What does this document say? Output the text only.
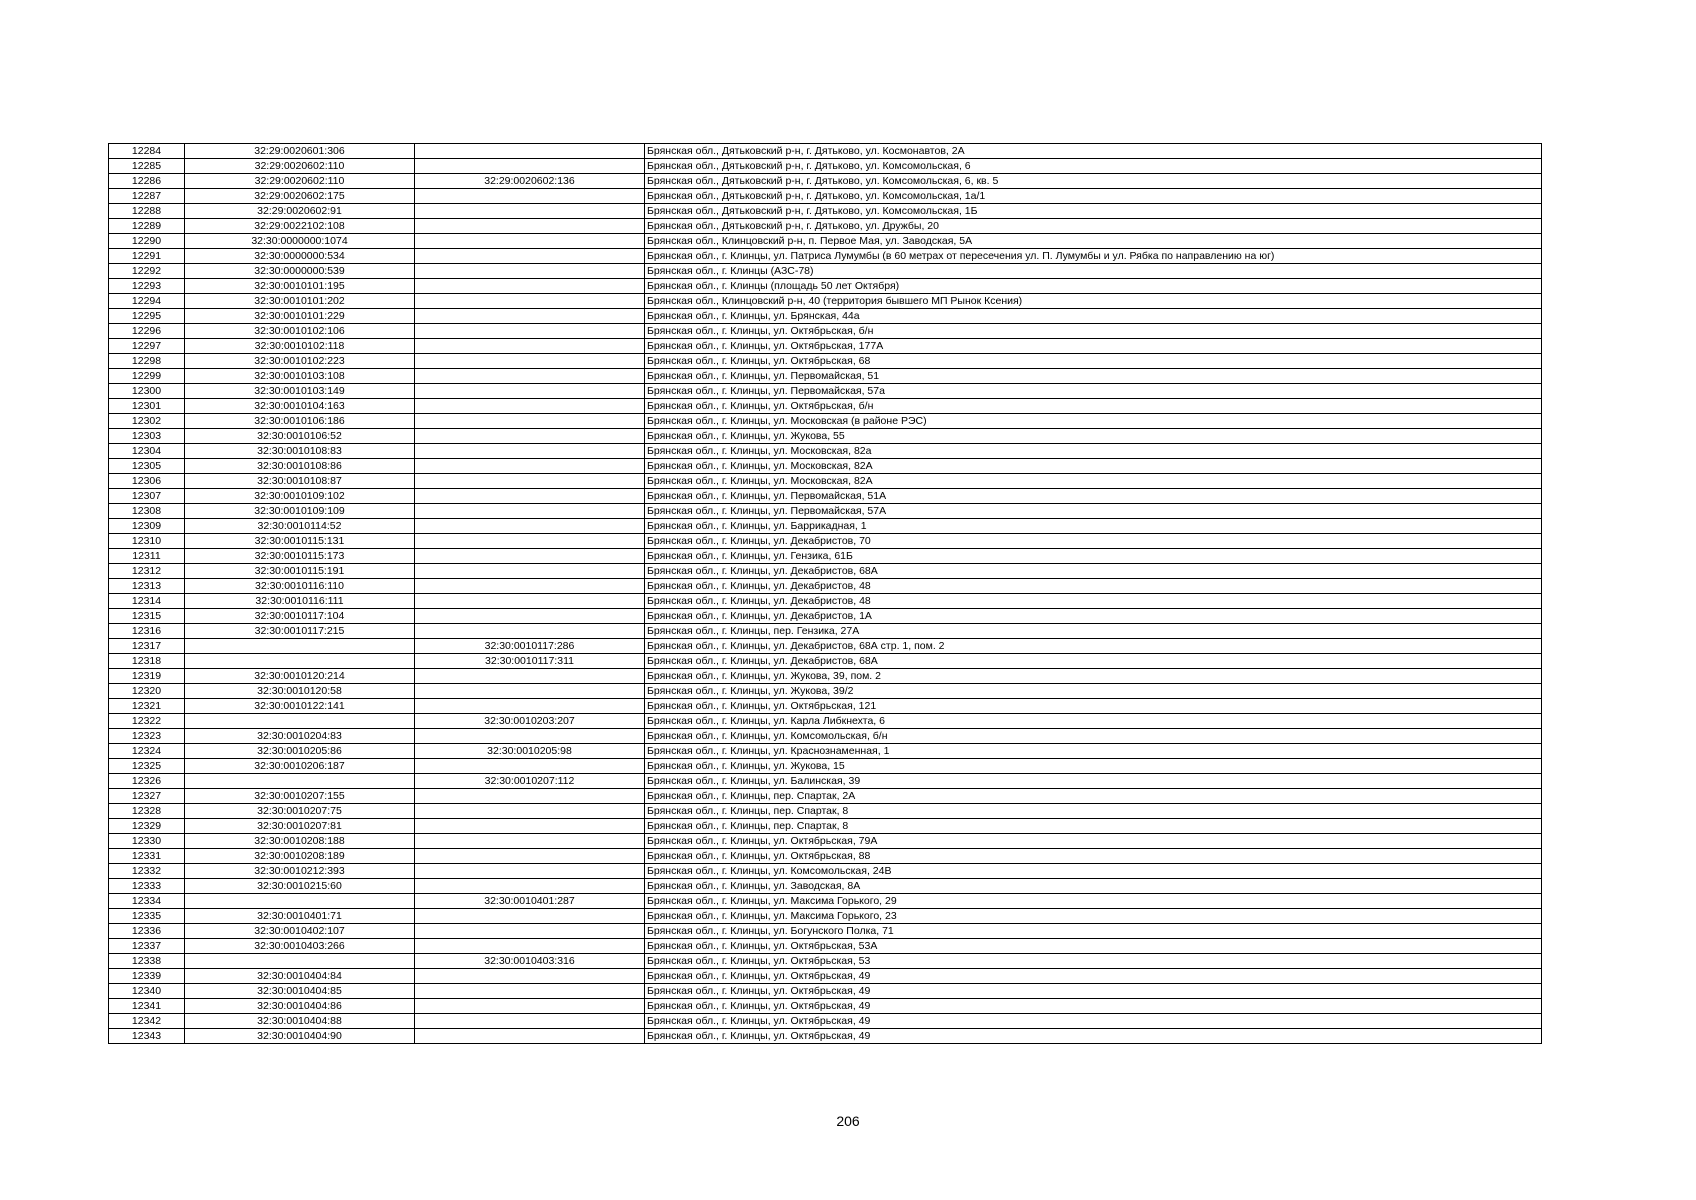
12284	32:29:0020601:306		Брянская обл., Дятьковский р-н, г. Дятьково, ул. Космонавтов, 2А
12285	32:29:0020602:110		Брянская обл., Дятьковский р-н, г. Дятьково, ул. Комсомольская, 6
12286	32:29:0020602:110	32:29:0020602:136	Брянская обл., Дятьковский р-н, г. Дятьково, ул. Комсомольская, 6, кв. 5
12287	32:29:0020602:175		Брянская обл., Дятьковский р-н, г. Дятьково, ул. Комсомольская, 1а/1
12288	32:29:0020602:91		Брянская обл., Дятьковский р-н, г. Дятьково, ул. Комсомольская, 1Б
12289	32:29:0022102:108		Брянская обл., Дятьковский р-н, г. Дятьково, ул. Дружбы, 20
12290	32:30:0000000:1074		Брянская обл., Клинцовский р-н, п. Первое Мая, ул. Заводская, 5А
12291	32:30:0000000:534		Брянская обл., г. Клинцы, ул. Патриса Лумумбы (в 60 метрах от пересечения ул. П. Лумумбы и ул. Рябка по направлению на юг)
12292	32:30:0000000:539		Брянская обл., г. Клинцы (АЗС-78)
12293	32:30:0010101:195		Брянская обл., г. Клинцы (площадь 50 лет Октября)
12294	32:30:0010101:202		Брянская обл., Клинцовский р-н, 40 (территория бывшего МП Рынок Ксения)
12295	32:30:0010101:229		Брянская обл., г. Клинцы, ул. Брянская, 44а
12296	32:30:0010102:106		Брянская обл., г. Клинцы, ул. Октябрьская, б/н
12297	32:30:0010102:118		Брянская обл., г. Клинцы, ул. Октябрьская, 177А
12298	32:30:0010102:223		Брянская обл., г. Клинцы, ул. Октябрьская, 68
12299	32:30:0010103:108		Брянская обл., г. Клинцы, ул. Первомайская, 51
12300	32:30:0010103:149		Брянская обл., г. Клинцы, ул. Первомайская, 57а
12301	32:30:0010104:163		Брянская обл., г. Клинцы, ул. Октябрьская, б/н
12302	32:30:0010106:186		Брянская обл., г. Клинцы, ул. Московская (в районе РЭС)
12303	32:30:0010106:52		Брянская обл., г. Клинцы, ул. Жукова, 55
12304	32:30:0010108:83		Брянская обл., г. Клинцы, ул. Московская, 82а
12305	32:30:0010108:86		Брянская обл., г. Клинцы, ул. Московская, 82А
12306	32:30:0010108:87		Брянская обл., г. Клинцы, ул. Московская, 82А
12307	32:30:0010109:102		Брянская обл., г. Клинцы, ул. Первомайская, 51А
12308	32:30:0010109:109		Брянская обл., г. Клинцы, ул. Первомайская, 57А
12309	32:30:0010114:52		Брянская обл., г. Клинцы, ул. Баррикадная, 1
12310	32:30:0010115:131		Брянская обл., г. Клинцы, ул. Декабристов, 70
12311	32:30:0010115:173		Брянская обл., г. Клинцы, ул. Гензика, 61Б
12312	32:30:0010115:191		Брянская обл., г. Клинцы, ул. Декабристов, 68А
12313	32:30:0010116:110		Брянская обл., г. Клинцы, ул. Декабристов, 48
12314	32:30:0010116:111		Брянская обл., г. Клинцы, ул. Декабристов, 48
12315	32:30:0010117:104		Брянская обл., г. Клинцы, ул. Декабристов, 1А
12316	32:30:0010117:215		Брянская обл., г. Клинцы, пер. Гензика, 27А
12317		32:30:0010117:286	Брянская обл., г. Клинцы, ул. Декабристов, 68А стр. 1, пом. 2
12318		32:30:0010117:311	Брянская обл., г. Клинцы, ул. Декабристов, 68А
12319	32:30:0010120:214		Брянская обл., г. Клинцы, ул. Жукова, 39, пом. 2
12320	32:30:0010120:58		Брянская обл., г. Клинцы, ул. Жукова, 39/2
12321	32:30:0010122:141		Брянская обл., г. Клинцы, ул. Октябрьская, 121
12322		32:30:0010203:207	Брянская обл., г. Клинцы, ул. Карла Либкнехта, 6
12323	32:30:0010204:83		Брянская обл., г. Клинцы, ул. Комсомольская, б/н
12324	32:30:0010205:86	32:30:0010205:98	Брянская обл., г. Клинцы, ул. Краснознаменная, 1
12325	32:30:0010206:187		Брянская обл., г. Клинцы, ул. Жукова, 15
12326		32:30:0010207:112	Брянская обл., г. Клинцы, ул. Балинская, 39
12327	32:30:0010207:155		Брянская обл., г. Клинцы, пер. Спартак, 2А
12328	32:30:0010207:75		Брянская обл., г. Клинцы, пер. Спартак, 8
12329	32:30:0010207:81		Брянская обл., г. Клинцы, пер. Спартак, 8
12330	32:30:0010208:188		Брянская обл., г. Клинцы, ул. Октябрьская, 79А
12331	32:30:0010208:189		Брянская обл., г. Клинцы, ул. Октябрьская, 88
12332	32:30:0010212:393		Брянская обл., г. Клинцы, ул. Комсомольская, 24В
12333	32:30:0010215:60		Брянская обл., г. Клинцы, ул. Заводская, 8А
12334		32:30:0010401:287	Брянская обл., г. Клинцы, ул. Максима Горького, 29
12335	32:30:0010401:71		Брянская обл., г. Клинцы, ул. Максима Горького, 23
12336	32:30:0010402:107		Брянская обл., г. Клинцы, ул. Богунского Полка, 71
12337	32:30:0010403:266		Брянская обл., г. Клинцы, ул. Октябрьская, 53А
12338		32:30:0010403:316	Брянская обл., г. Клинцы, ул. Октябрьская, 53
12339	32:30:0010404:84		Брянская обл., г. Клинцы, ул. Октябрьская, 49
12340	32:30:0010404:85		Брянская обл., г. Клинцы, ул. Октябрьская, 49
12341	32:30:0010404:86		Брянская обл., г. Клинцы, ул. Октябрьская, 49
12342	32:30:0010404:88		Брянская обл., г. Клинцы, ул. Октябрьская, 49
12343	32:30:0010404:90		Брянская обл., г. Клинцы, ул. Октябрьская, 49
206
